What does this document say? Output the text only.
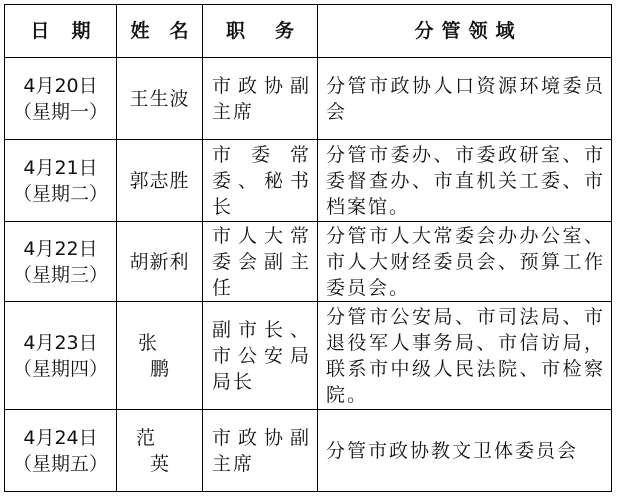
日期	姓名	职务	分管领域

4月20日
（星期一）	王生波	市政协副主席	分管市政协人口资源环境委员会

4月21日
（星期二）	郭志胜	市委常委、秘书长	分管市委办、市委政研室、市委督查办、市直机关工委、市档案馆。

4月22日
（星期三）	胡新利	市人大常委会副主任	分管市人大常委会办办公室、市人大财经委员会、预算工作委员会。

4月23日
（星期四）	张鹏	副市长、市公安局局长	分管市公安局、市司法局、市退役军人事务局、市信访局，联系市中级人民法院、市检察院。

4月24日
（星期五）	范英	市政协副主席	分管市政协教文卫体委员会
